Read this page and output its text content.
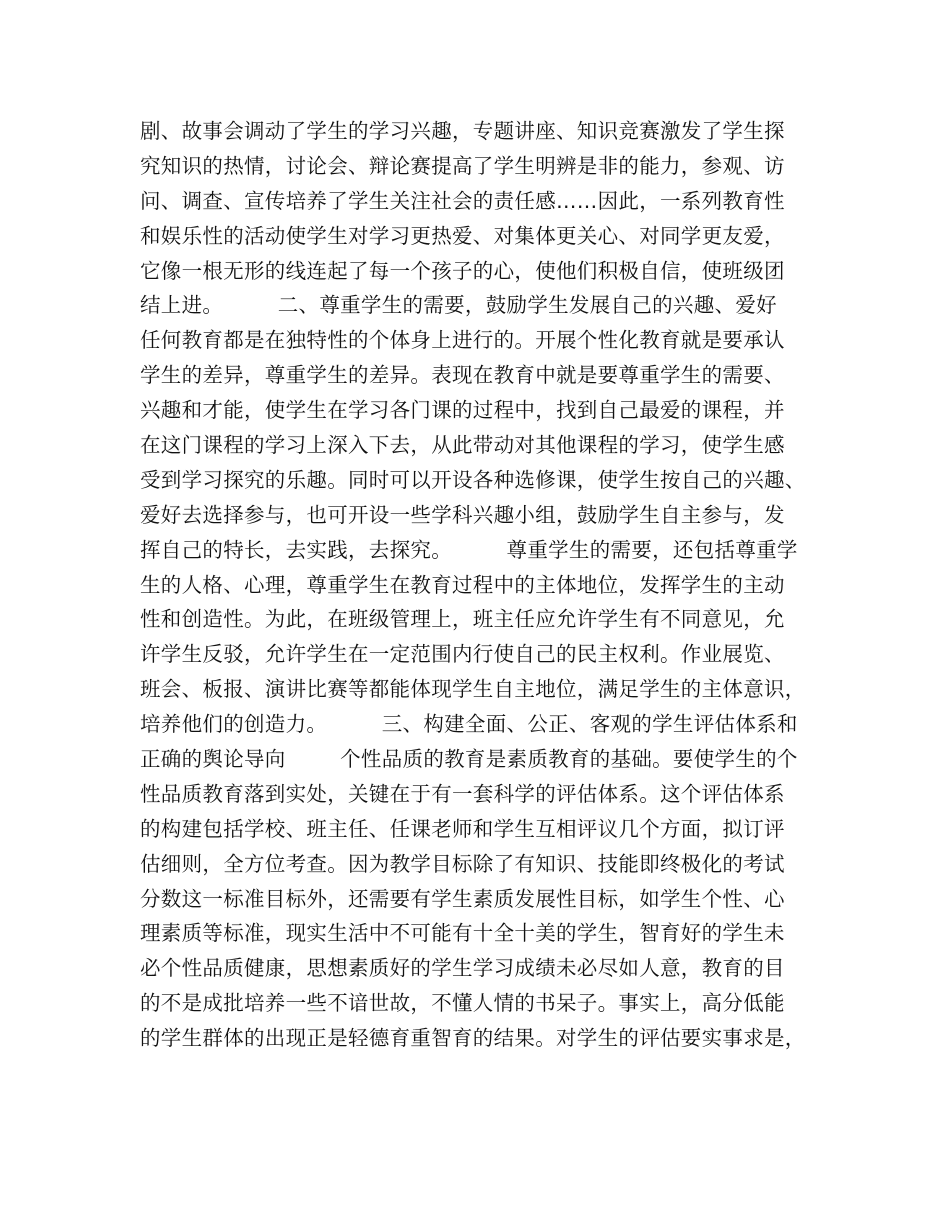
剧、故事会调动了学生的学习兴趣，专题讲座、知识竞赛激发了学生探
究知识的热情，讨论会、辩论赛提高了学生明辨是非的能力，参观、访
问、调查、宣传培养了学生关注社会的责任感……因此，一系列教育性
和娱乐性的活动使学生对学习更热爱、对集体更关心、对同学更友爱，
它像一根无形的线连起了每一个孩子的心，使他们积极自信，使班级团
结上进。        二、尊重学生的需要，鼓励学生发展自己的兴趣、爱好
任何教育都是在独特性的个体身上进行的。开展个性化教育就是要承认
学生的差异，尊重学生的差异。表现在教育中就是要尊重学生的需要、
兴趣和才能，使学生在学习各门课的过程中，找到自己最爱的课程，并
在这门课程的学习上深入下去，从此带动对其他课程的学习，使学生感
受到学习探究的乐趣。同时可以开设各种选修课，使学生按自己的兴趣、
爱好去选择参与，也可开设一些学科兴趣小组，鼓励学生自主参与，发
挥自己的特长，去实践，去探究。        尊重学生的需要，还包括尊重学
生的人格、心理，尊重学生在教育过程中的主体地位，发挥学生的主动
性和创造性。为此，在班级管理上，班主任应允许学生有不同意见，允
许学生反驳，允许学生在一定范围内行使自己的民主权利。作业展览、
班会、板报、演讲比赛等都能体现学生自主地位，满足学生的主体意识，
培养他们的创造力。        三、构建全面、公正、客观的学生评估体系和
正确的舆论导向        个性品质的教育是素质教育的基础。要使学生的个
性品质教育落到实处，关键在于有一套科学的评估体系。这个评估体系
的构建包括学校、班主任、任课老师和学生互相评议几个方面，拟订评
估细则，全方位考查。因为教学目标除了有知识、技能即终极化的考试
分数这一标准目标外，还需要有学生素质发展性目标，如学生个性、心
理素质等标准，现实生活中不可能有十全十美的学生，智育好的学生未
必个性品质健康，思想素质好的学生学习成绩未必尽如人意，教育的目
的不是成批培养一些不谙世故，不懂人情的书呆子。事实上，高分低能
的学生群体的出现正是轻德育重智育的结果。对学生的评估要实事求是，
